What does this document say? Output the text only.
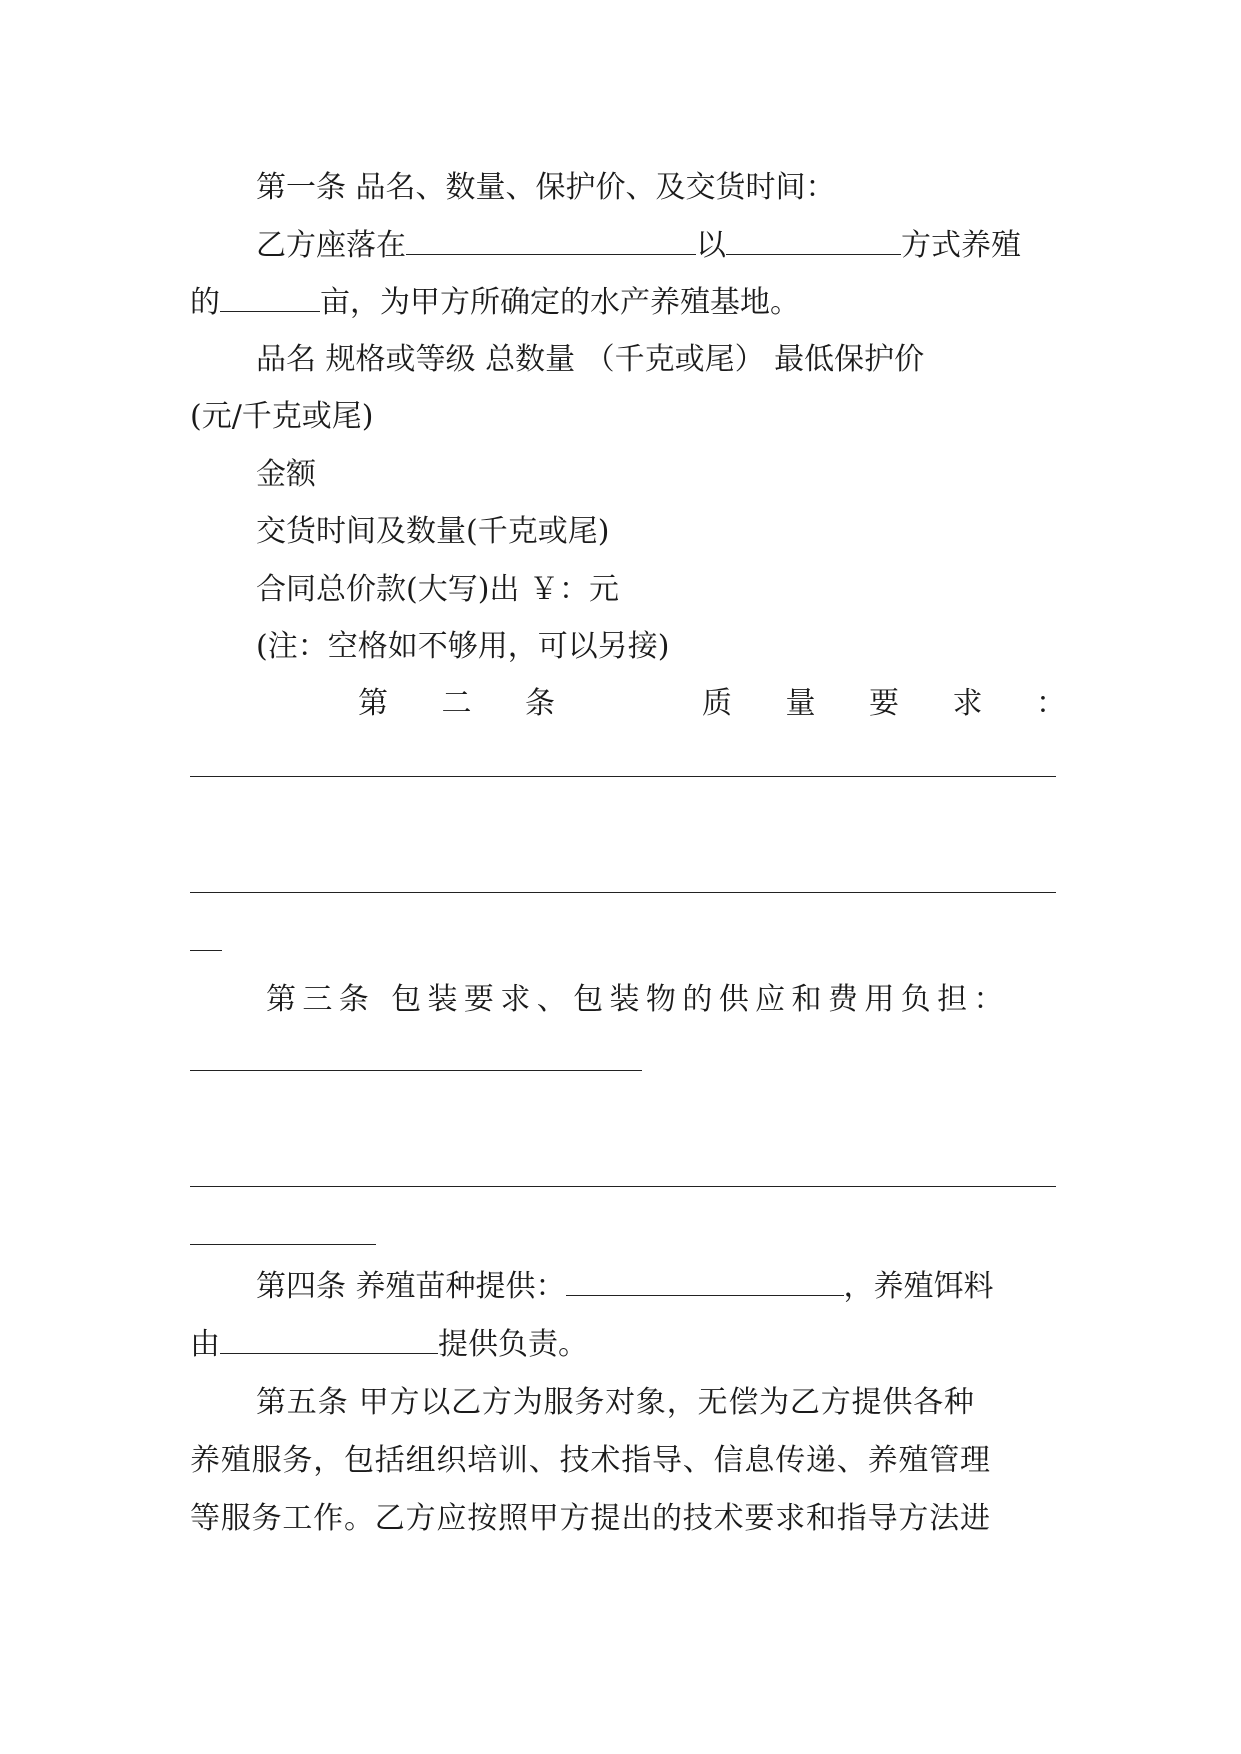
第一条 品名、数量、保护价、及交货时间：
乙方座落在	以	方式养殖
的	亩，为甲方所确定的水产养殖基地。
品名 规格或等级 总数量 （千克或尾） 最低保护价
(元/千克或尾)
金额
交货时间及数量(千克或尾)
合同总价款(大写)出 ￥：元
(注：空格如不够用，可以另接)
第 二 条	质 量 要 求 ：
第三条 包装要求、包装物的供应和费用负担：
第四条 养殖苗种提供：	，养殖饵料
由	提供负责。
第五条 甲方以乙方为服务对象，无偿为乙方提供各种
养殖服务，包括组织培训、技术指导、信息传递、养殖管理
等服务工作。乙方应按照甲方提出的技术要求和指导方法进
